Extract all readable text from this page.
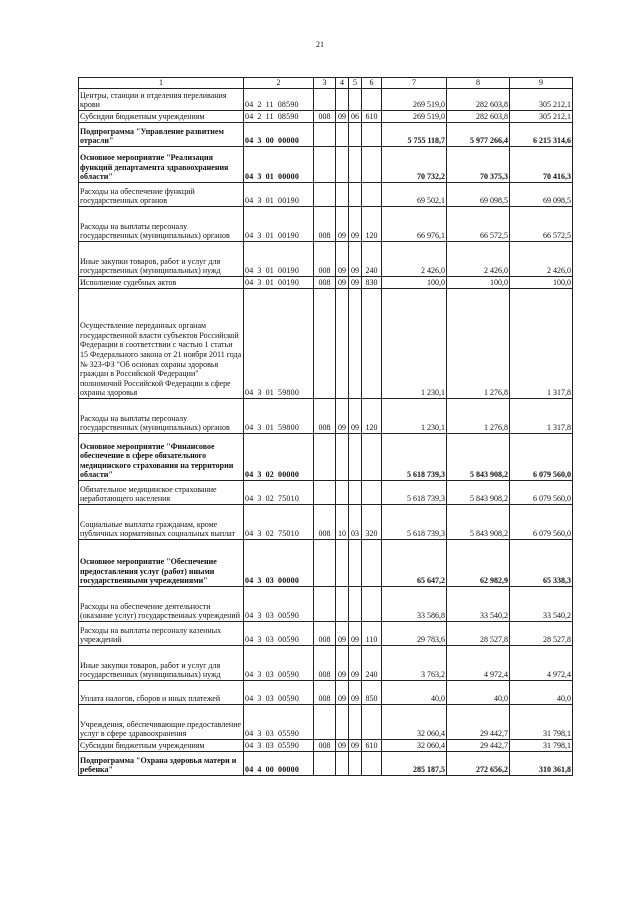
21
1	2	3	4	5	6	7	8	9
Центры, станции и отделения переливания крови	04 2 11 08590					269 519,0	282 603,8	305 212,1
Субсидии бюджетным учреждениям	04 2 11 08590	008	09	06	610	269 519,0	282 603,8	305 212,1
Подпрограмма "Управление развитием отрасли"	04 3 00 00000					5 755 118,7	5 977 266,4	6 215 314,6
Основное мероприятие "Реализация функций департамента здравоохранения области"	04 3 01 00000					70 732,2	70 375,3	70 416,3
Расходы на обеспечение функций государственных органов	04 3 01 00190					69 502,1	69 098,5	69 098,5
Расходы на выплаты персоналу государственных (муниципальных) органов	04 3 01 00190	008	09	09	120	66 976,1	66 572,5	66 572,5
Иные закупки товаров, работ и услуг для государственных (муниципальных) нужд	04 3 01 00190	008	09	09	240	2 426,0	2 426,0	2 426,0
Исполнение судебных актов	04 3 01 00190	008	09	09	830	100,0	100,0	100,0
Осуществление переданных органам государственной власти субъектов Российской Федерации в соответствии с частью 1 статьи 15 Федерального закона от 21 ноября 2011 года № 323-ФЗ "Об основах охраны здоровья граждан в Российской Федерации" полномочий Российской Федерации в сфере охраны здоровья	04 3 01 59800					1 230,1	1 276,8	1 317,8
Расходы на выплаты персоналу государственных (муниципальных) органов	04 3 01 59800	008	09	09	120	1 230,1	1 276,8	1 317,8
Основное мероприятие "Финансовое обеспечение в сфере обязательного медицинского страхования на территории области"	04 3 02 00000					5 618 739,3	5 843 908,2	6 079 560,0
Обязательное медицинское страхование неработающего населения	04 3 02 75010					5 618 739,3	5 843 908,2	6 079 560,0
Социальные выплаты гражданам, кроме публичных нормативных социальных выплат	04 3 02 75010	008	10	03	320	5 618 739,3	5 843 908,2	6 079 560,0
Основное мероприятие "Обеспечение предоставления услуг (работ) иными государственными учреждениями"	04 3 03 00000					65 647,2	62 982,9	65 338,3
Расходы на обеспечение деятельности (оказание услуг) государственных учреждений	04 3 03 00590					33 586,8	33 540,2	33 540,2
Расходы на выплаты персоналу казенных учреждений	04 3 03 00590	008	09	09	110	29 783,6	28 527,8	28 527,8
Иные закупки товаров, работ и услуг для государственных (муниципальных) нужд	04 3 03 00590	008	09	09	240	3 763,2	4 972,4	4 972,4
Уплата налогов, сборов и иных платежей	04 3 03 00590	008	09	09	850	40,0	40,0	40,0
Учреждения, обеспечивающие предоставление услуг в сфере здравоохранения	04 3 03 05590					32 060,4	29 442,7	31 798,1
Субсидии бюджетным учреждениям	04 3 03 05590	008	09	09	610	32 060,4	29 442,7	31 798,1
Подпрограмма "Охрана здоровья матери и ребенка"	04 4 00 00000					285 187,5	272 656,2	310 361,8
